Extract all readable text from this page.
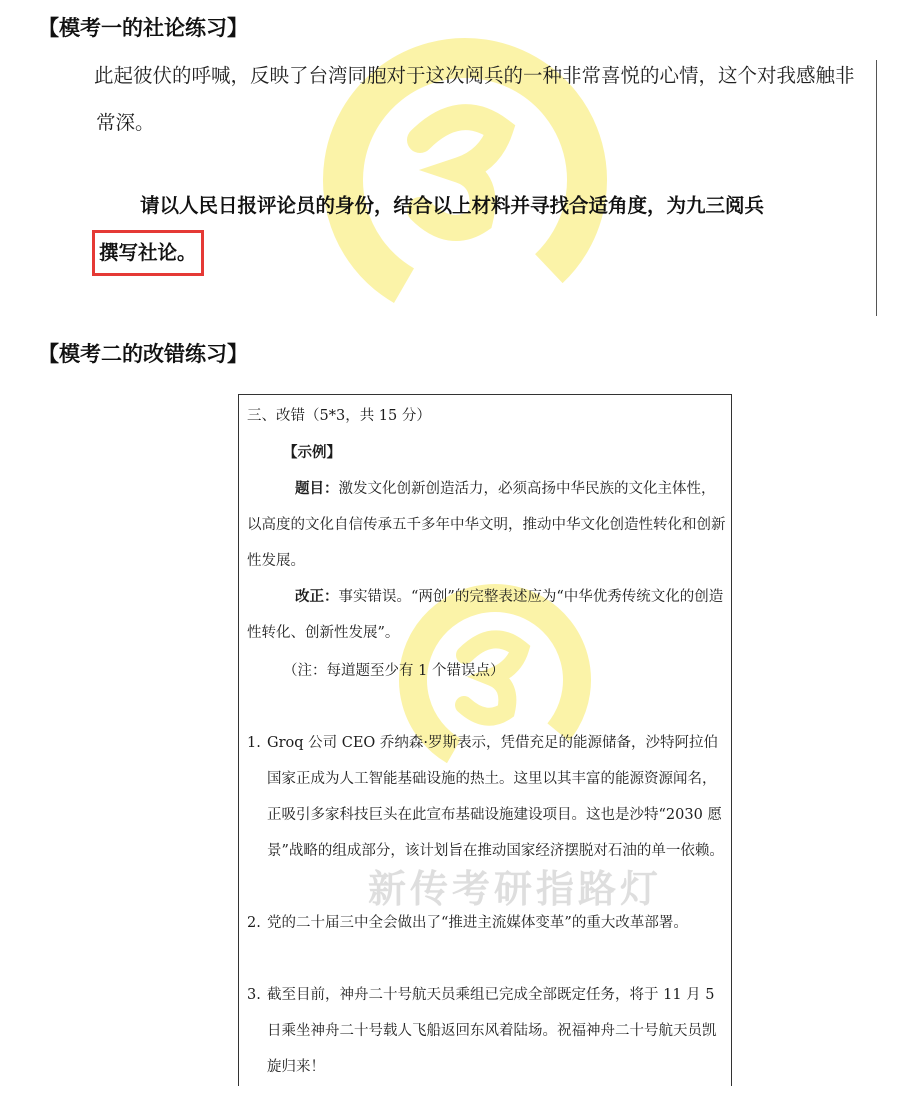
【模考一的社论练习】
此起彼伏的呼喊，反映了台湾同胞对于这次阅兵的一种非常喜悦的心情，这个对我感触非常深。
请以人民日报评论员的身份，结合以上材料并寻找合适角度，为九三阅兵撰写社论。
【模考二的改错练习】
三、改错（5*3，共 15 分）
【示例】
题目：激发文化创新创造活力，必须高扬中华民族的文化主体性，以高度的文化自信传承五千多年中华文明，推动中华文化创造性转化和创新性发展。
改正：事实错误。“两创”的完整表述应为“中华优秀传统文化的创造性转化、创新性发展”。
（注：每道题至少有 1 个错误点）
1. Groq 公司 CEO 乔纳森·罗斯表示，凭借充足的能源储备，沙特阿拉伯国家正成为人工智能基础设施的热土。这里以其丰富的能源资源闻名，正吸引多家科技巨头在此宣布基础设施建设项目。这也是沙特“2030 愿景”战略的组成部分，该计划旨在推动国家经济摆脱对石油的单一依赖。
2. 党的二十届三中全会做出了“推进主流媒体变革”的重大改革部署。
3. 截至目前，神舟二十号航天员乘组已完成全部既定任务，将于 11 月 5 日乘坐神舟二十号载人飞船返回东风着陆场。祝福神舟二十号航天员凯旋归来！
新传考研指路灯
